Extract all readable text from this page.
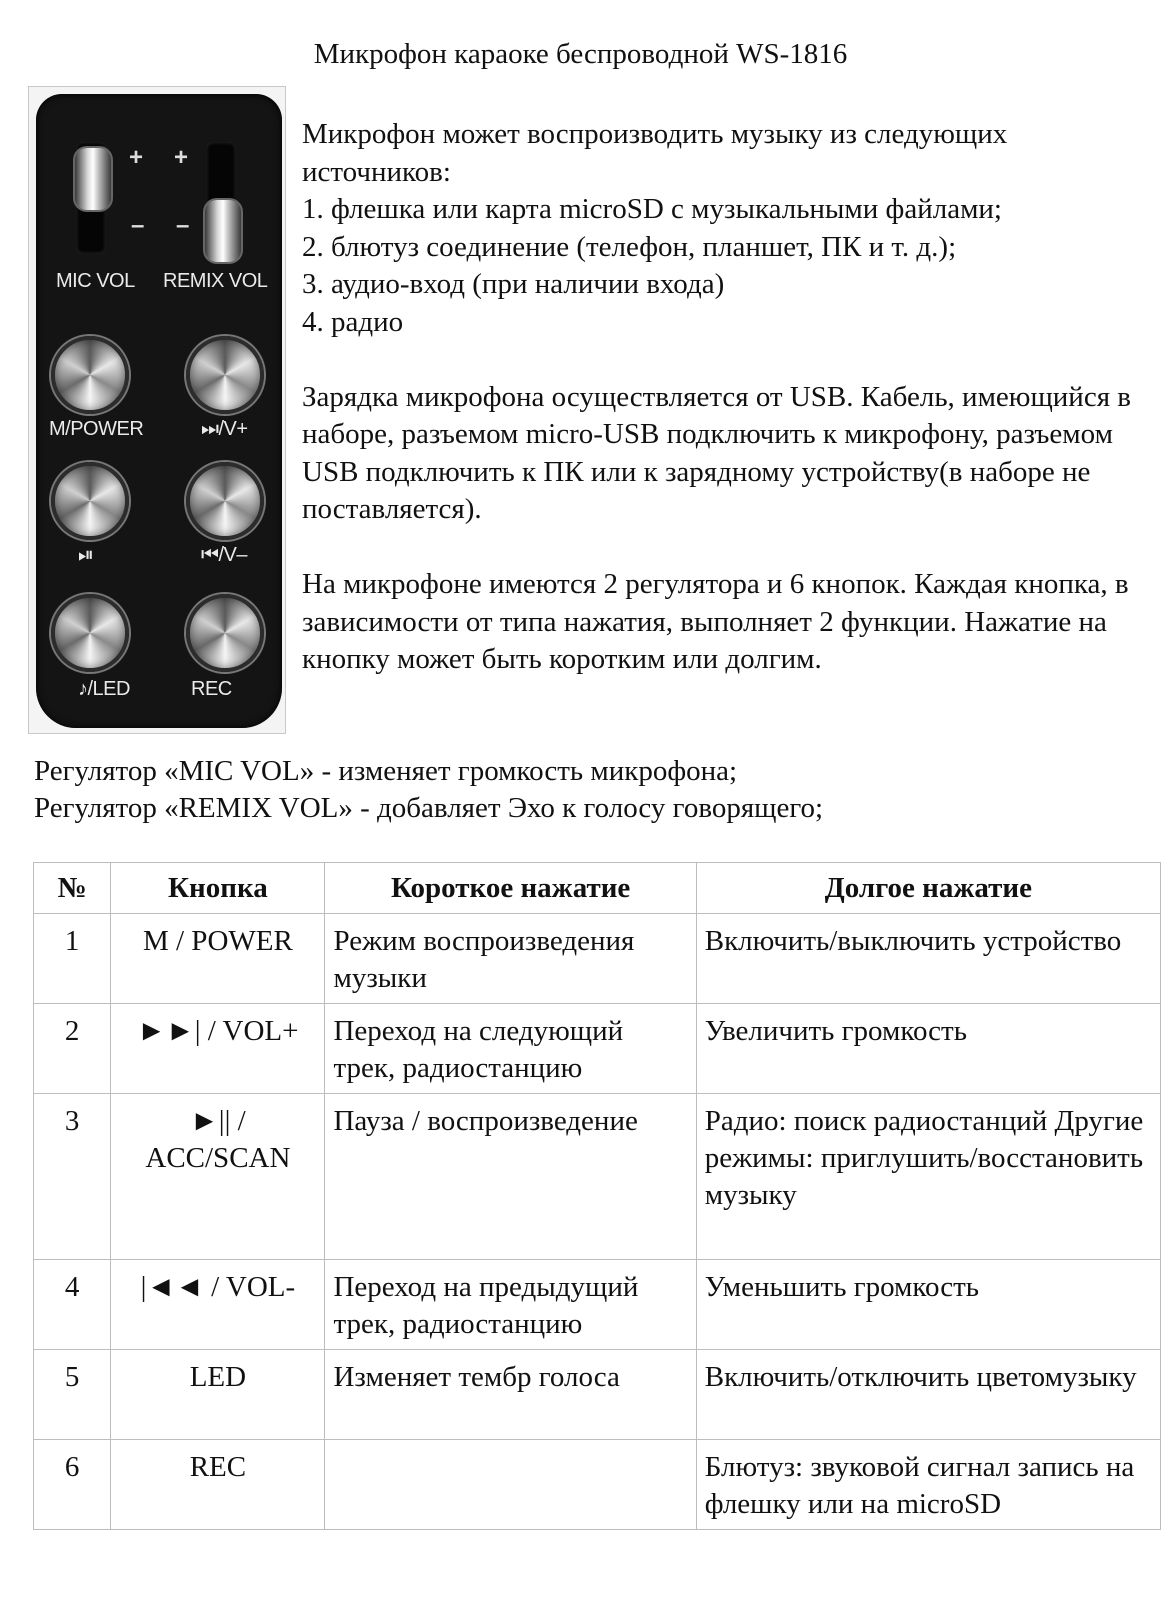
Микрофон караоке беспроводной WS-1816
+
–
+
–
MIC VOL REMIX VOL
M/POWER	⏭/V+
⏯	⏮/V–
♪/LED	REC

Микрофон может воспроизводить музыку из следующих источников:

1. флешка или карта microSD с музыкальными файлами;

2. блютуз соединение (телефон, планшет, ПК и т. д.);

3. аудио-вход (при наличии входа)

4. радио

Зарядка микрофона осуществляется от USB. Кабель, имеющийся в наборе, разъемом micro-USB подключить к микрофону, разъемом USB подключить к ПК или к зарядному устройству(в наборе не поставляется).

На микрофоне имеются 2 регулятора и 6 кнопок. Каждая кнопка, в зависимости от типа нажатия, выполняет 2 функции. Нажатие на кнопку может быть коротким или долгим.

Регулятор «MIC VOL» - изменяет громкость микрофона;
Регулятор «REMIX VOL» - добавляет Эхо к голосу говорящего;
№	Кнопка	Короткое нажатие	Долгое нажатие
1	M / POWER	Режим воспроизведения музыки	Включить/выключить устройство
2	►►| / VOL+	Переход на следующий трек, радиостанцию	Увеличить громкость
3	►|| / ACC/SCAN	Пауза / воспроизведение	Радио: поиск радиостанций Другие режимы: приглушить/восстановить музыку
4	|◄◄ / VOL-	Переход на предыдущий трек, радиостанцию	Уменьшить громкость
5	LED	Изменяет тембр голоса	Включить/отключить цветомузыку
6	REC		Блютуз: звуковой сигнал запись на флешку или на microSD
